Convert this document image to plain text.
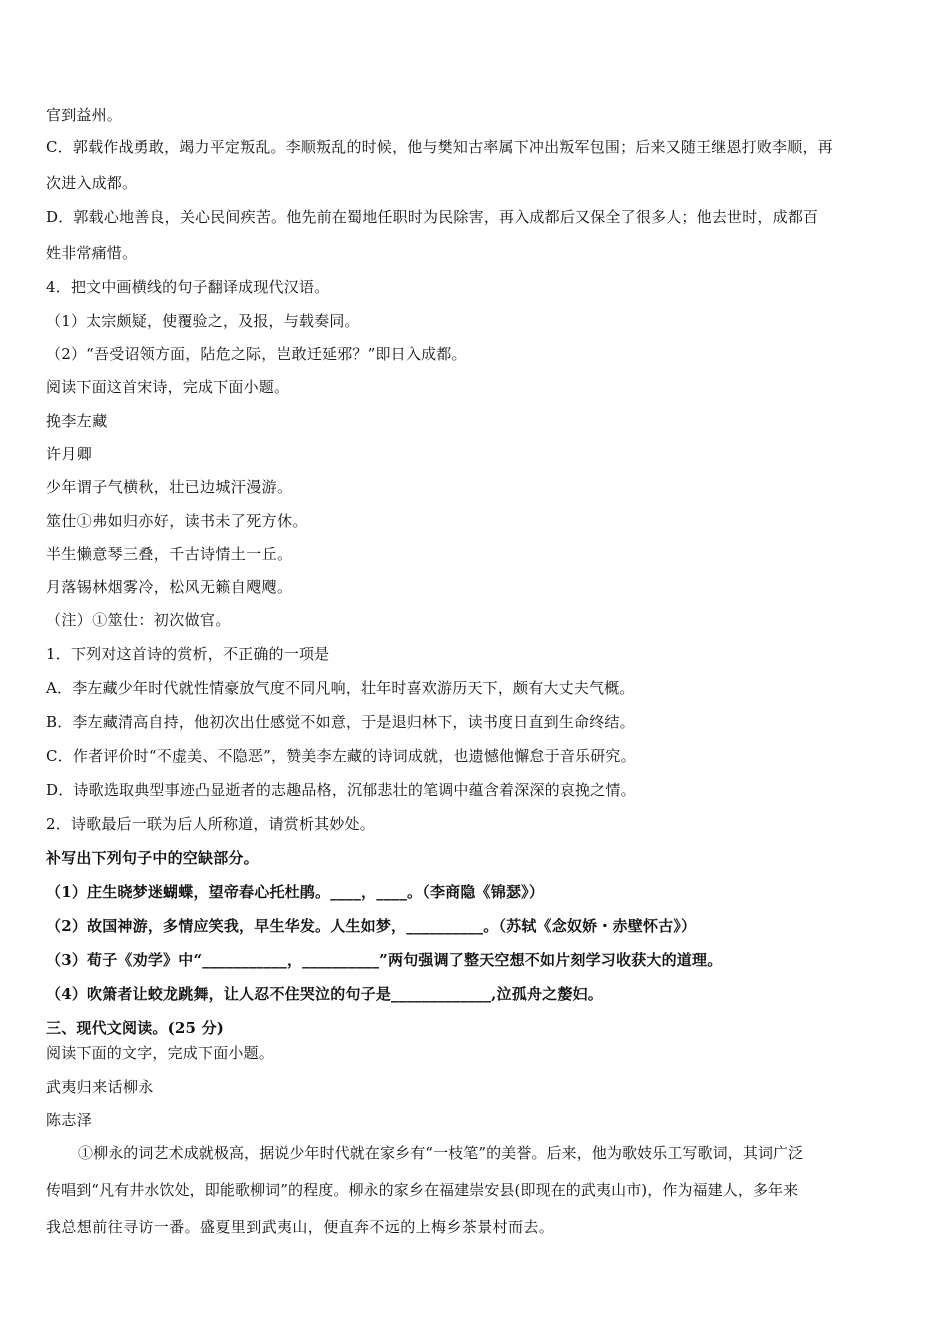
官到益州。
C．郭载作战勇敢，竭力平定叛乱。李顺叛乱的时候，他与樊知古率属下冲出叛军包围；后来又随王继恩打败李顺，再
次进入成都。
D．郭载心地善良，关心民间疾苦。他先前在蜀地任职时为民除害，再入成都后又保全了很多人；他去世时，成都百
姓非常痛惜。
4．把文中画横线的句子翻译成现代汉语。
（1）太宗颇疑，使覆验之，及报，与载奏同。
（2）“吾受诏领方面，阽危之际，岂敢迁延邪？”即日入成都。
阅读下面这首宋诗，完成下面小题。
挽李左藏
许月卿
少年谓子气横秋，壮已边城汗漫游。
筮仕①弗如归亦好，读书未了死方休。
半生懒意琴三叠，千古诗情土一丘。
月落锡林烟雾冷，松风无籁自飕飕。
（注）①筮仕：初次做官。
1．下列对这首诗的赏析，不正确的一项是
A．李左藏少年时代就性情豪放气度不同凡响，壮年时喜欢游历天下，颇有大丈夫气概。
B．李左藏清高自持，他初次出仕感觉不如意，于是退归林下，读书度日直到生命终结。
C．作者评价时“不虚美、不隐恶”，赞美李左藏的诗词成就，也遗憾他懈怠于音乐研究。
D．诗歌选取典型事迹凸显逝者的志趣品格，沉郁悲壮的笔调中蕴含着深深的哀挽之情。
2．诗歌最后一联为后人所称道，请赏析其妙处。
补写出下列句子中的空缺部分。
（1）庄生晓梦迷蝴蝶，望帝春心托杜鹃。____，____。（李商隐《锦瑟》）
（2）故国神游，多情应笑我，早生华发。人生如梦，__________。（苏轼《念奴娇・赤壁怀古》）
（3）荀子《劝学》中“___________，__________”两句强调了整天空想不如片刻学习收获大的道理。
（4）吹箫者让蛟龙跳舞，让人忍不住哭泣的句子是_____________,泣孤舟之嫠妇。
三、现代文阅读。(25 分)
阅读下面的文字，完成下面小题。
武夷归来话柳永
陈志泽
①柳永的词艺术成就极高，据说少年时代就在家乡有“一枝笔”的美誉。后来，他为歌妓乐工写歌词，其词广泛
传唱到“凡有井水饮处，即能歌柳词”的程度。柳永的家乡在福建崇安县(即现在的武夷山市)，作为福建人，多年来
我总想前往寻访一番。盛夏里到武夷山，便直奔不远的上梅乡茶景村而去。
